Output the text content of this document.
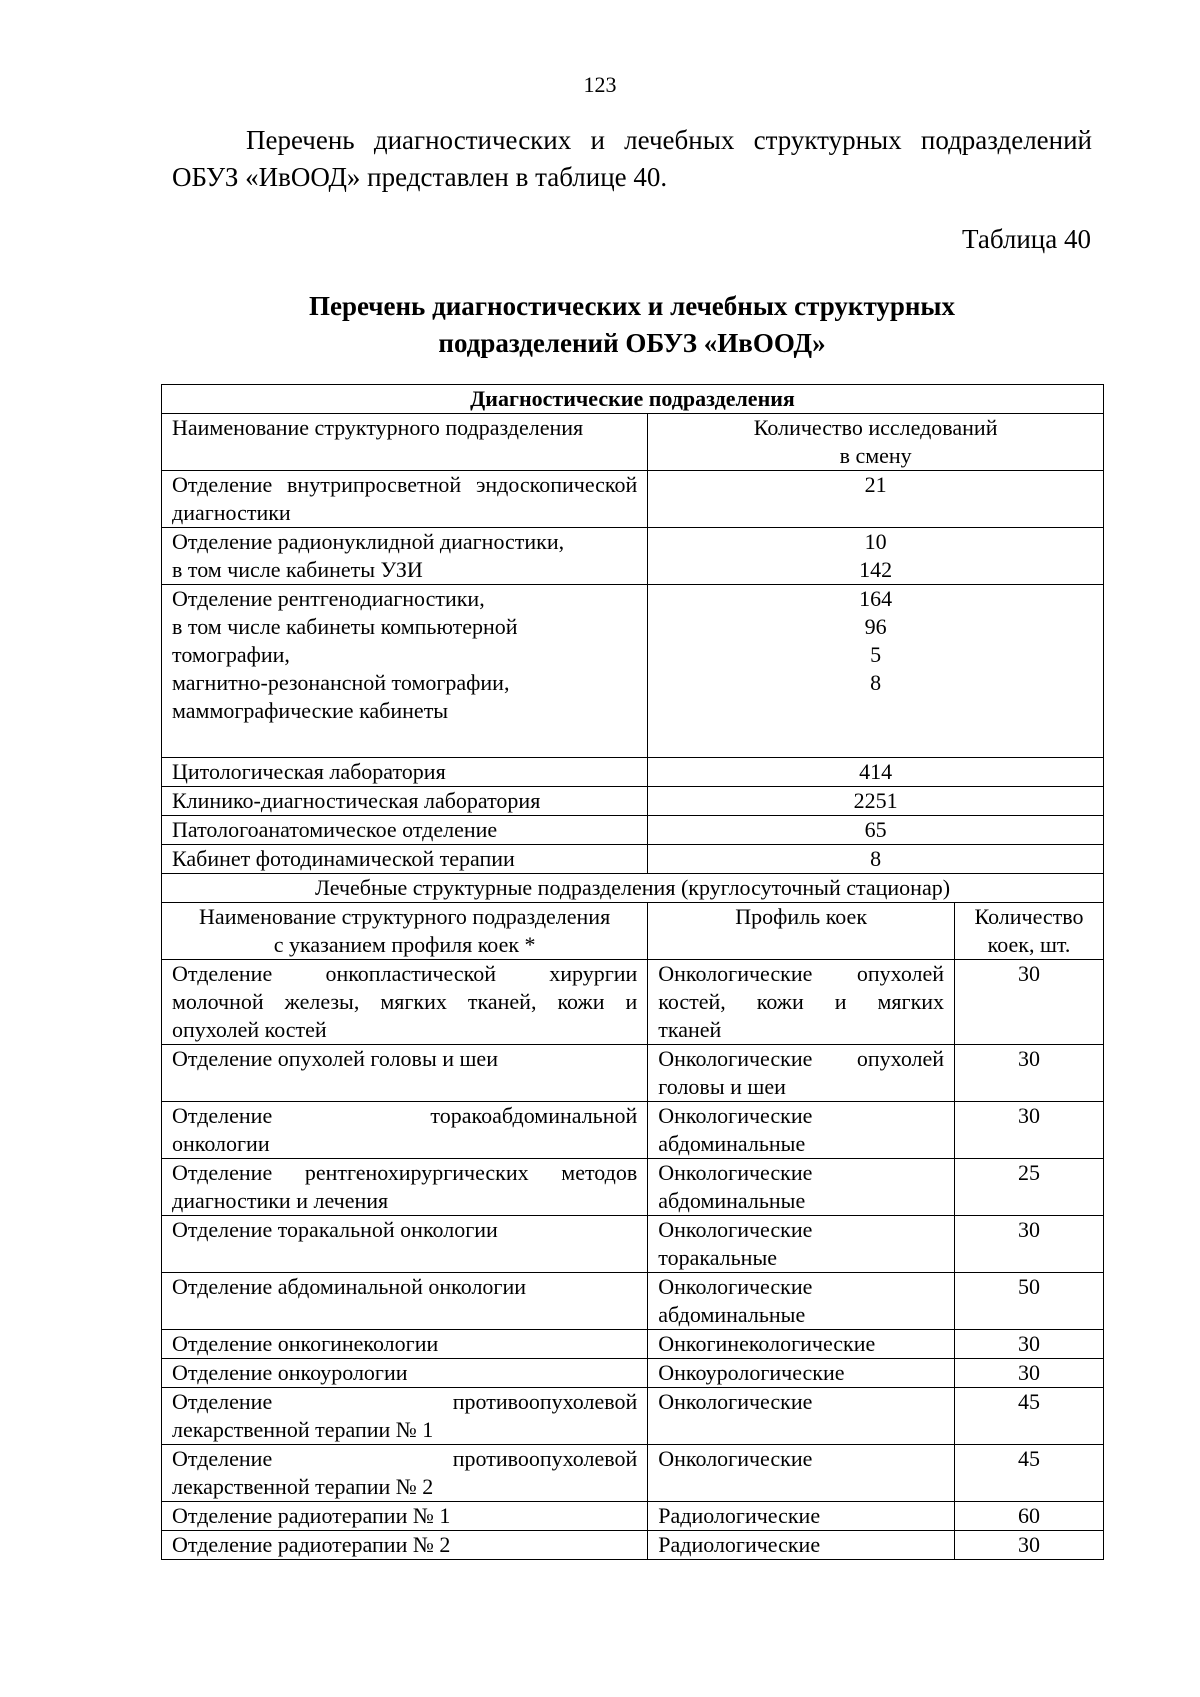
123

Перечень диагностических и лечебных структурных подразделений ОБУЗ «ИвООД» представлен в таблице 40.

Таблица 40
Перечень диагностических и лечебных структурных
подразделений ОБУЗ «ИвООД»
Диагностические подразделения		
Наименование структурного подразделения	Количество исследований
в смену	

Отделение внутрипросветной эндоскопической
диагностики	21	

Отделение радионуклидной диагностики,
в том числе кабинеты УЗИ	10
142	

Отделение рентгенодиагностики,
в том числе кабинеты компьютерной томографии,
магнитно-резонансной томографии,
маммографические кабинеты	164
96
5
8	

Цитологическая лаборатория	414	

Клинико-диагностическая лаборатория	2251	

Патологоанатомическое отделение	65	

Кабинет фотодинамической терапии	8	

Лечебные структурные подразделения (круглосуточный стационар)		

Наименование структурного подразделения
с указанием профиля коек *	Профиль коек	Количество
коек, шт.

Отделение онкопластической хирургии
молочной железы, мягких тканей, кожи и
опухолей костей	Онкологические опухолей
костей, кожи и мягких
тканей	30

Отделение опухолей головы и шеи	Онкологические опухолей
головы и шеи	30

Отделение торакоабдоминальной
онкологии	Онкологические
абдоминальные	30

Отделение рентгенохирургических методов
диагностики и лечения	Онкологические
абдоминальные	25

Отделение торакальной онкологии	Онкологические
торакальные	30

Отделение абдоминальной онкологии	Онкологические
абдоминальные	50

Отделение онкогинекологии	Онкогинекологические	30

Отделение онкоурологии	Онкоурологические	30

Отделение противоопухолевой
лекарственной терапии № 1	Онкологические	45

Отделение противоопухолевой
лекарственной терапии № 2	Онкологические	45

Отделение радиотерапии № 1	Радиологические	60

Отделение радиотерапии № 2	Радиологические	30
